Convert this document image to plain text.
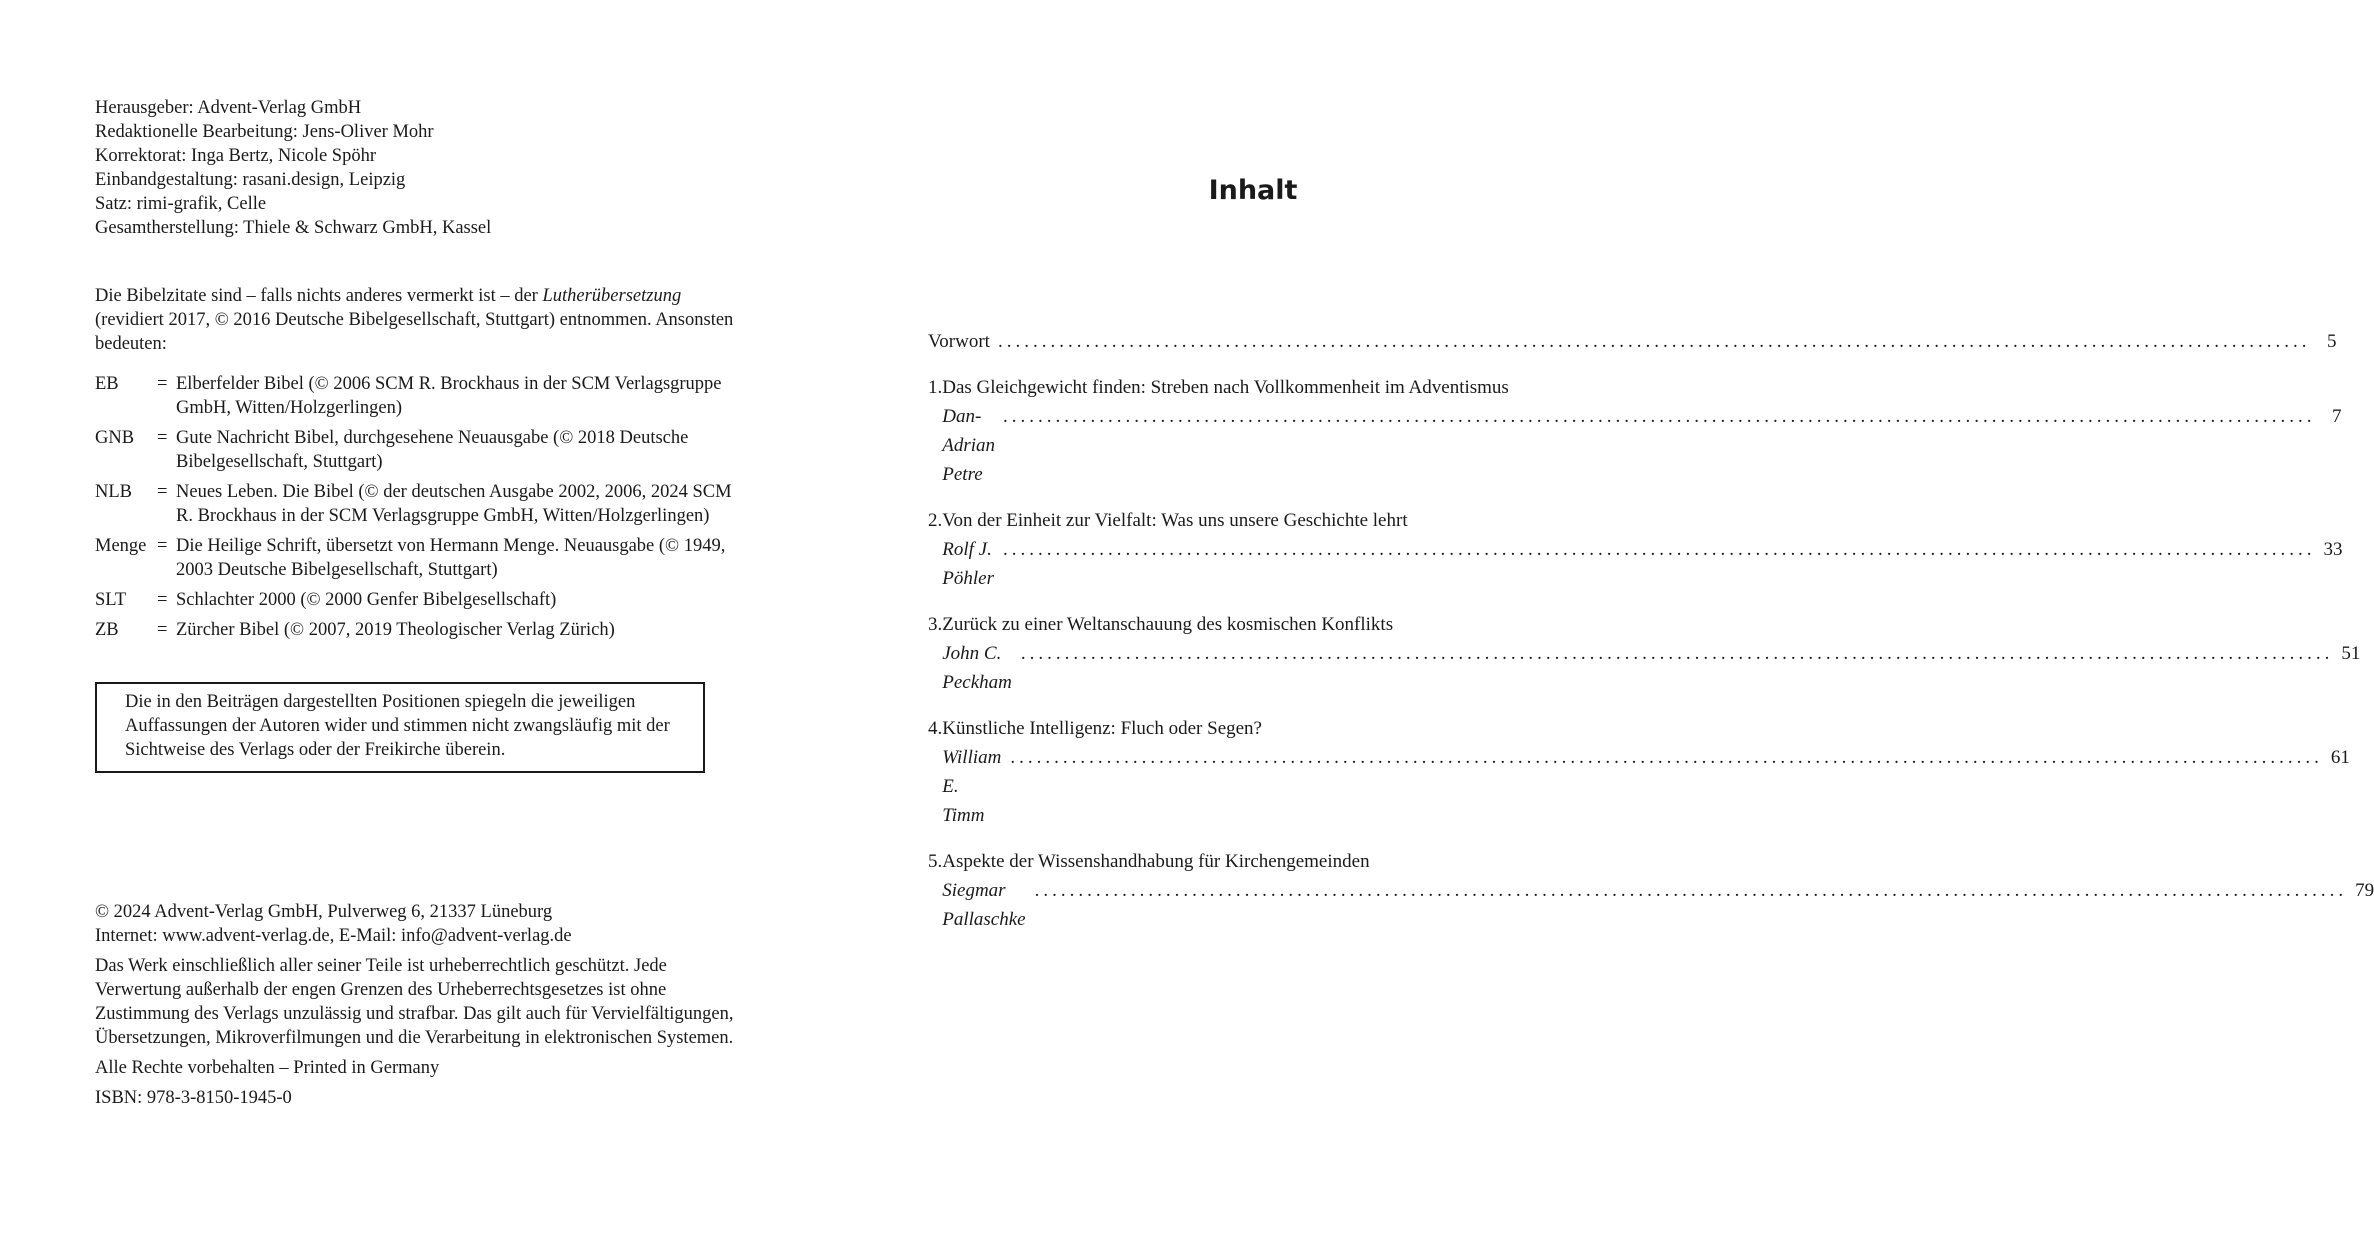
Herausgeber: Advent-Verlag GmbH
Redaktionelle Bearbeitung: Jens-Oliver Mohr
Korrektorat: Inga Bertz, Nicole Spöhr
Einbandgestaltung: rasani.design, Leipzig
Satz: rimi-grafik, Celle
Gesamtherstellung: Thiele & Schwarz GmbH, Kassel
Die Bibelzitate sind – falls nichts anderes vermerkt ist – der Lutherübersetzung (revidiert 2017, © 2016 Deutsche Bibelgesellschaft, Stuttgart) entnommen. Ansonsten bedeuten:
EB	= Elberfelder Bibel (© 2006 SCM R. Brockhaus in der SCM Verlagsgruppe GmbH, Witten/Holzgerlingen)
GNB	= Gute Nachricht Bibel, durchgesehene Neuausgabe (© 2018 Deutsche Bibelgesellschaft, Stuttgart)
NLB	= Neues Leben. Die Bibel (© der deutschen Ausgabe 2002, 2006, 2024 SCM R. Brockhaus in der SCM Verlagsgruppe GmbH, Witten/Holzgerlingen)
Menge = Die Heilige Schrift, übersetzt von Hermann Menge. Neuausgabe (© 1949, 2003 Deutsche Bibelgesellschaft, Stuttgart)
SLT	= Schlachter 2000 (© 2000 Genfer Bibelgesellschaft)
ZB	= Zürcher Bibel (© 2007, 2019 Theologischer Verlag Zürich)
Die in den Beiträgen dargestellten Positionen spiegeln die jeweiligen Auffassungen der Autoren wider und stimmen nicht zwangsläufig mit der Sichtweise des Verlags oder der Freikirche überein.
© 2024 Advent-Verlag GmbH, Pulverweg 6, 21337 Lüneburg
Internet: www.advent-verlag.de, E-Mail: info@advent-verlag.de

Das Werk einschließlich aller seiner Teile ist urheberrechtlich geschützt. Jede Verwertung außerhalb der engen Grenzen des Urheberrechtsgesetzes ist ohne Zustimmung des Verlags unzulässig und strafbar. Das gilt auch für Vervielfältigungen, Übersetzungen, Mikroverfilmungen und die Verarbeitung in elektronischen Systemen.

Alle Rechte vorbehalten – Printed in Germany

ISBN: 978-3-8150-1945-0

Inhalt
Vorwort
.....	5
1. Das Gleichgewicht finden: Streben nach Vollkommenheit im Adventismus
Dan-Adrian Petre
.....
7
2. Von der Einheit zur Vielfalt: Was uns unsere Geschichte lehrt
Rolf J. Pöhler
.....
33
3. Zurück zu einer Weltanschauung des kosmischen Konflikts
John C. Peckham
.....
51
4. Künstliche Intelligenz: Fluch oder Segen?
William E. Timm
.....
61
5. Aspekte der Wissenshandhabung für Kirchengemeinden
Siegmar Pallaschke
.....
79
